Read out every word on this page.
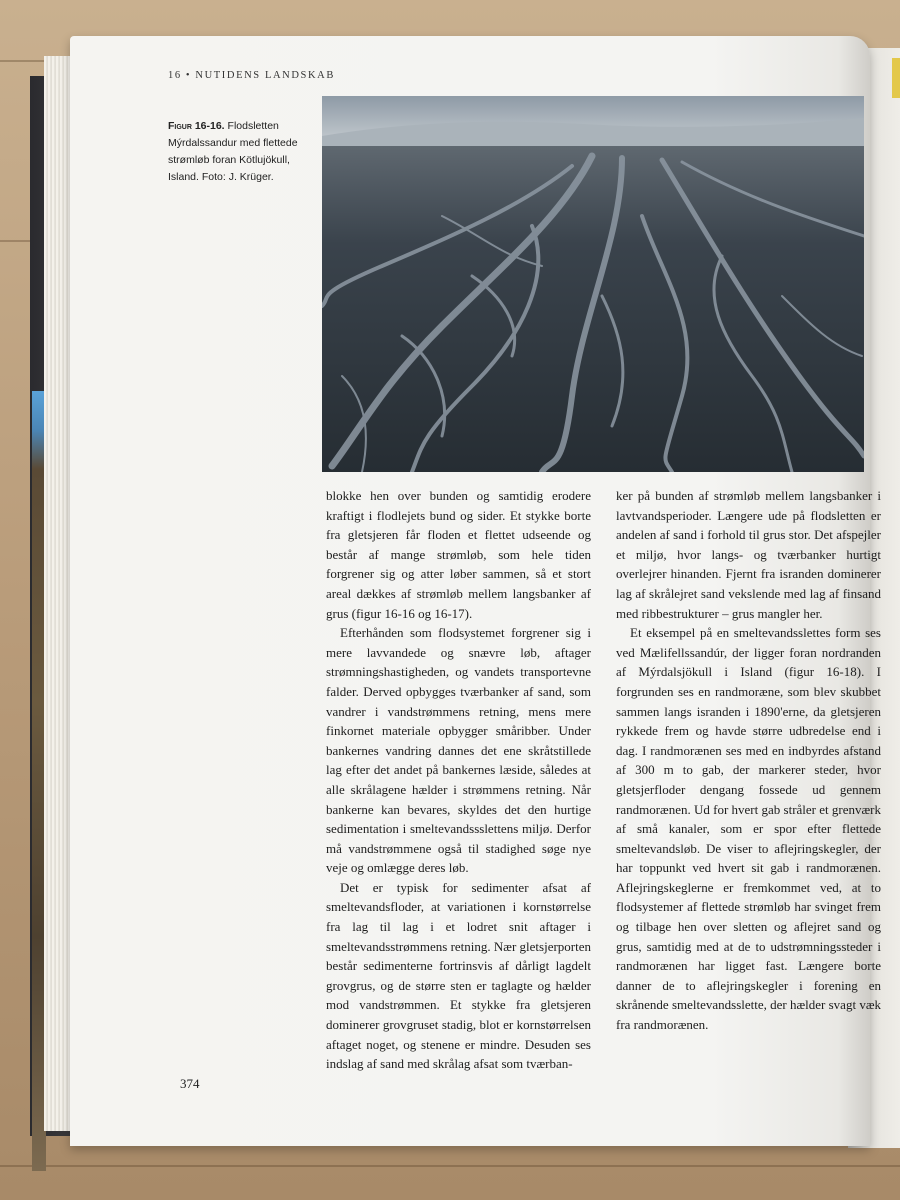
16 • NUTIDENS LANDSKAB
Figur 16-16. Flodsletten Mýrdalssandur med flettede strømløb foran Kötlujökull, Island. Foto: J. Krüger.

blokke hen over bunden og samtidig erodere kraftigt i flodlejets bund og sider. Et stykke borte fra gletsjeren får floden et flettet udseende og består af mange strømløb, som hele tiden forgrener sig og atter løber sammen, så et stort areal dækkes af strømløb mellem langsbanker af grus (figur 16-16 og 16-17).

Efterhånden som flodsystemet forgrener sig i mere lavvandede og snævre løb, aftager strømningshastigheden, og vandets transportevne falder. Derved opbygges tværbanker af sand, som vandrer i vandstrømmens retning, mens mere finkornet materiale opbygger småribber. Under bankernes vandring dannes det ene skråtstillede lag efter det andet på bankernes læside, således at alle skrålagene hælder i strømmens retning. Når bankerne kan bevares, skyldes det den hurtige sedimentation i smeltevandssslettens miljø. Derfor må vandstrømmene også til stadighed søge nye veje og omlægge deres løb.

Det er typisk for sedimenter afsat af smeltevandsfloder, at variationen i kornstørrelse fra lag til lag i et lodret snit aftager i smeltevandsstrømmens retning. Nær gletsjerporten består sedimenterne fortrinsvis af dårligt lagdelt grovgrus, og de større sten er taglagte og hælder mod vandstrømmen. Et stykke fra gletsjeren dominerer grovgruset stadig, blot er kornstørrelsen aftaget noget, og stenene er mindre. Desuden ses indslag af sand med skrålag afsat som tværban-

ker på bunden af strømløb mellem langsbanker i lavtvandsperioder. Længere ude på flodsletten er andelen af sand i forhold til grus stor. Det afspejler et miljø, hvor langs- og tværbanker hurtigt overlejrer hinanden. Fjernt fra isranden dominerer lag af skrålejret sand vekslende med lag af finsand med ribbestrukturer – grus mangler her.

Et eksempel på en smeltevandsslettes form ses ved Mælifellssandúr, der ligger foran nordranden af Mýrdalsjökull i Island (figur 16-18). I forgrunden ses en randmoræne, som blev skubbet sammen langs isranden i 1890'erne, da gletsjeren rykkede frem og havde større udbredelse end i dag. I randmorænen ses med en indbyrdes afstand af 300 m to gab, der markerer steder, hvor gletsjerfloder dengang fossede ud gennem randmorænen. Ud for hvert gab stråler et grenværk af små kanaler, som er spor efter flettede smeltevandsløb. De viser to aflejringskegler, der har toppunkt ved hvert sit gab i randmorænen. Aflejringskeglerne er fremkommet ved, at to flodsystemer af flettede strømløb har svinget frem og tilbage hen over sletten og aflejret sand og grus, samtidig med at de to udstrømningssteder i randmorænen har ligget fast. Længere borte danner de to aflejringskegler i forening en skrånende smeltevandsslette, der hælder svagt væk fra randmorænen.

374
